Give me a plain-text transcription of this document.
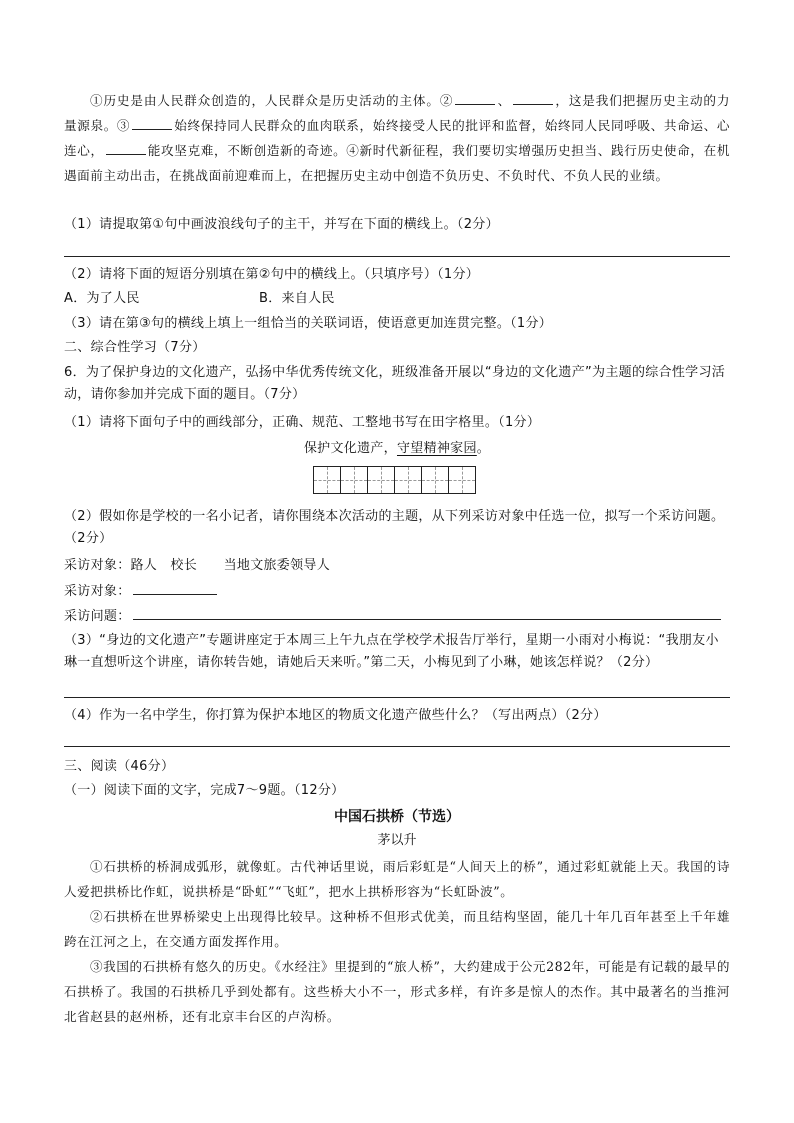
①历史是由人民群众创造的，人民群众是历史活动的主体。②	、	，这是我们把握历史主动的力量源泉。③	始终保持同人民群众的血肉联系，始终接受人民的批评和监督，始终同人民同呼吸、共命运、心连心，	能攻坚克难，不断创造新的奇迹。④新时代新征程，我们要切实增强历史担当、践行历史使命，在机遇面前主动出击，在挑战面前迎难而上，在把握历史主动中创造不负历史、不负时代、不负人民的业绩。
（1）请提取第①句中画波浪线句子的主干，并写在下面的横线上。（2分）
（2）请将下面的短语分别填在第②句中的横线上。（只填序号）（1分）
A．为了人民	B．来自人民
（3）请在第③句的横线上填上一组恰当的关联词语，使语意更加连贯完整。（1分）
二、综合性学习（7分）
6．为了保护身边的文化遗产，弘扬中华优秀传统文化，班级准备开展以“身边的文化遗产”为主题的综合性学习活动，请你参加并完成下面的题目。（7分）
（1）请将下面句子中的画线部分，正确、规范、工整地书写在田字格里。（1分）
保护文化遗产，守望精神家园。
（2）假如你是学校的一名小记者，请你围绕本次活动的主题，从下列采访对象中任选一位，拟写一个采访问题。（2分）
采访对象：路人　校长　　当地文旅委领导人
采访对象：
采访问题：
（3）“身边的文化遗产”专题讲座定于本周三上午九点在学校学术报告厅举行，星期一小雨对小梅说：“我朋友小琳一直想听这个讲座，请你转告她，请她后天来听。”第二天，小梅见到了小琳，她该怎样说？（2分）
（4）作为一名中学生，你打算为保护本地区的物质文化遗产做些什么？（写出两点）（2分）
三、阅读（46分）
（一）阅读下面的文字，完成7～9题。（12分）
中国石拱桥（节选）
茅以升
①石拱桥的桥洞成弧形，就像虹。古代神话里说，雨后彩虹是“人间天上的桥”，通过彩虹就能上天。我国的诗人爱把拱桥比作虹，说拱桥是“卧虹”“飞虹”，把水上拱桥形容为“长虹卧波”。
②石拱桥在世界桥梁史上出现得比较早。这种桥不但形式优美，而且结构坚固，能几十年几百年甚至上千年雄跨在江河之上，在交通方面发挥作用。
③我国的石拱桥有悠久的历史。《水经注》里提到的“旅人桥”，大约建成于公元282年，可能是有记载的最早的石拱桥了。我国的石拱桥几乎到处都有。这些桥大小不一，形式多样，有许多是惊人的杰作。其中最著名的当推河北省赵县的赵州桥，还有北京丰台区的卢沟桥。
